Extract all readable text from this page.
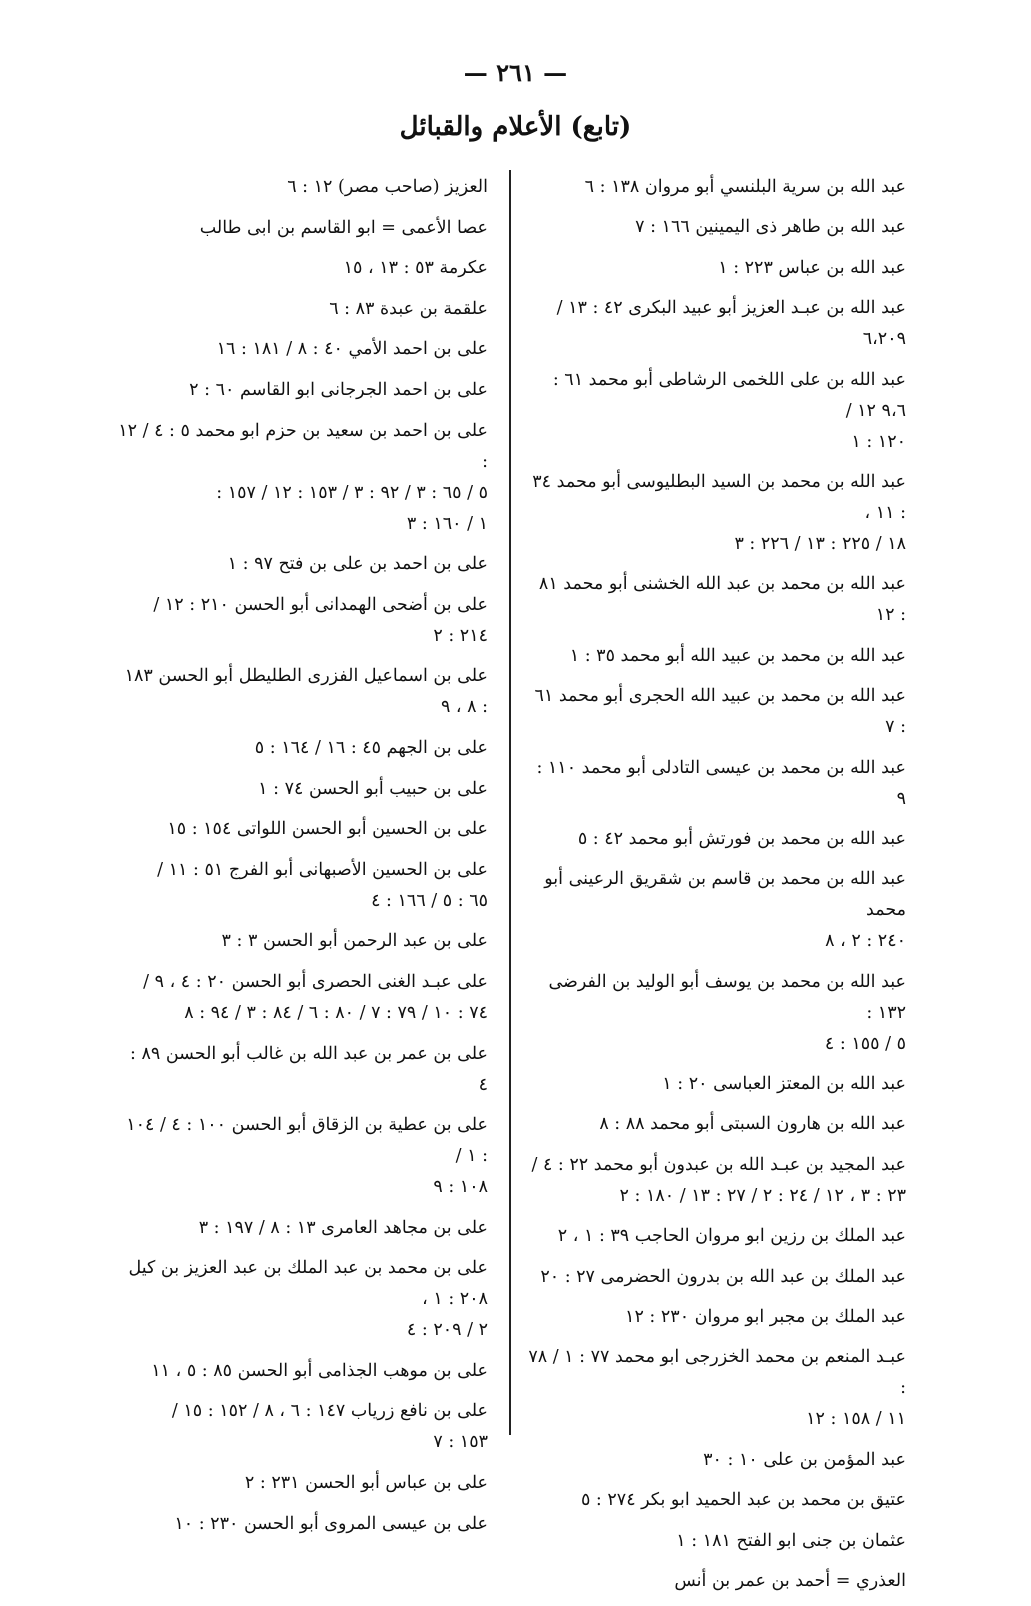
— ٢٦١ —
(تابع) الأعلام والقبائل
عبد الله بن سرية البلنسي أبو مروان ١٣٨ : ٦
عبد الله بن طاهر ذى اليمينين ١٦٦ : ٧
عبد الله بن عباس ٢٢٣ : ١
عبد الله بن عبـد العزيز أبو عبيد البكرى ٤٢ : ١٣ /
٦،٢٠٩
عبد الله بن على اللخمى الرشاطى أبو محمد ٦١ : ٩،٦ ١٢ /
١٢٠ : ١
عبد الله بن محمد بن السيد البطليوسى أبو محمد ٣٤ : ١١ ،
١٨ / ٢٢٥ : ١٣ / ٢٢٦ : ٣
عبد الله بن محمد بن عبد الله الخشنى أبو محمد ٨١ : ١٢
عبد الله بن محمد بن عبيد الله أبو محمد ٣٥ : ١
عبد الله بن محمد بن عبيد الله الحجرى أبو محمد ٦١ : ٧
عبد الله بن محمد بن عيسى التادلى أبو محمد ١١٠ : ٩
عبد الله بن محمد بن فورتش أبو محمد ٤٢ : ٥
عبد الله بن محمد بن قاسم بن شقريق الرعينى أبو محمد
٢٤٠ : ٢ ، ٨
عبد الله بن محمد بن يوسف أبو الوليد بن الفرضى ١٣٢ :
٥ / ١٥٥ : ٤
عبد الله بن المعتز العباسى ٢٠ : ١
عبد الله بن هارون السبتى أبو محمد ٨٨ : ٨
عبد المجيد بن عبـد الله بن عبدون أبو محمد ٢٢ : ٤ /
٢٣ : ٣ ، ١٢ / ٢٤ : ٢ / ٢٧ : ١٣ / ١٨٠ : ٢
عبد الملك بن رزين ابو مروان الحاجب ٣٩ : ١ ، ٢
عبد الملك بن عبد الله بن بدرون الحضرمى ٢٧ : ٢٠
عبد الملك بن مجبر ابو مروان ٢٣٠ : ١٢
عبـد المنعم بن محمد الخزرجى ابو محمد ٧٧ : ١ / ٧٨ :
١١ / ١٥٨ : ١٢
عبد المؤمن بن على ١٠ : ٣٠
عتيق بن محمد بن عبد الحميد ابو بكر ٢٧٤ : ٥
عثمان بن جنى ابو الفتح ١٨١ : ١
العذري = أحمد بن عمر بن أنس
العزيز (صاحب مصر) ١٢ : ٦
عصا الأعمى = ابو القاسم بن ابى طالب
عكرمة ٥٣ : ١٣ ، ١٥
علقمة بن عبدة ٨٣ : ٦
على بن احمد الأمي ٤٠ : ٨ / ١٨١ : ١٦
على بن احمد الجرجانى ابو القاسم ٦٠ : ٢
على بن احمد بن سعيد بن حزم ابو محمد ٥ : ٤ / ١٢ :
٥ / ٦٥ : ٣ / ٩٢ : ٣ / ١٥٣ : ١٢ / ١٥٧ :
١ / ١٦٠ : ٣
على بن احمد بن على بن فتح ٩٧ : ١
على بن أضحى الهمدانى أبو الحسن ٢١٠ : ١٢ /
٢١٤ : ٢
على بن اسماعيل الفزرى الطليطل أبو الحسن ١٨٣ : ٨ ، ٩
على بن الجهم ٤٥ : ١٦ / ١٦٤ : ٥
على بن حبيب أبو الحسن ٧٤ : ١
على بن الحسين أبو الحسن اللواتى ١٥٤ : ١٥
على بن الحسين الأصبهانى أبو الفرج ٥١ : ١١ /
٦٥ : ٥ / ١٦٦ : ٤
على بن عبد الرحمن أبو الحسن ٣ : ٣
على عبـد الغنى الحصرى أبو الحسن ٢٠ : ٤ ، ٩ /
٧٤ : ١٠ / ٧٩ : ٧ / ٨٠ : ٦ / ٨٤ : ٣ / ٩٤ : ٨
على بن عمر بن عبد الله بن غالب أبو الحسن ٨٩ : ٤
على بن عطية بن الزقاق أبو الحسن ١٠٠ : ٤ / ١٠٤ : ١ /
١٠٨ : ٩
على بن مجاهد العامرى ١٣ : ٨ / ١٩٧ : ٣
على بن محمد بن عبد الملك بن عبد العزيز بن كيل ٢٠٨ : ١ ،
٢ / ٢٠٩ : ٤
على بن موهب الجذامى أبو الحسن ٨٥ : ٥ ، ١١
على بن نافع زرياب ١٤٧ : ٦ ، ٨ / ١٥٢ : ١٥ /
١٥٣ : ٧
على بن عباس أبو الحسن ٢٣١ : ٢
على بن عيسى المروى أبو الحسن ٢٣٠ : ١٠
